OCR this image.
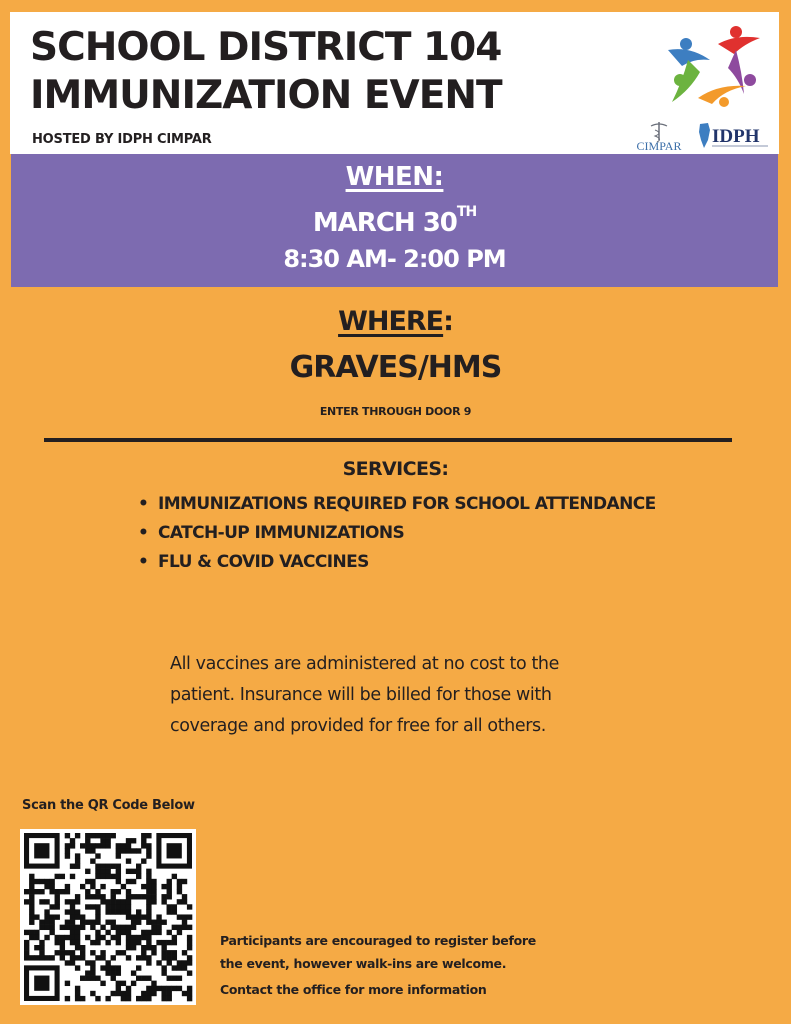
SCHOOL DISTRICT 104
IMMUNIZATION EVENT
HOSTED BY IDPH CIMPAR	CIMPAR IDPH
WHEN:
MARCH 30TH
8:30 AM- 2:00 PM
WHERE:
GRAVES/HMS
ENTER THROUGH DOOR 9
SERVICES:
• IMMUNIZATIONS REQUIRED FOR SCHOOL ATTENDANCE
• CATCH-UP IMMUNIZATIONS
• FLU & COVID VACCINES
All vaccines are administered at no cost to the
patient. Insurance will be billed for those with
coverage and provided for free for all others.
Scan the QR Code Below
Participants are encouraged to register before
the event, however walk-ins are welcome.
Contact the office for more information
